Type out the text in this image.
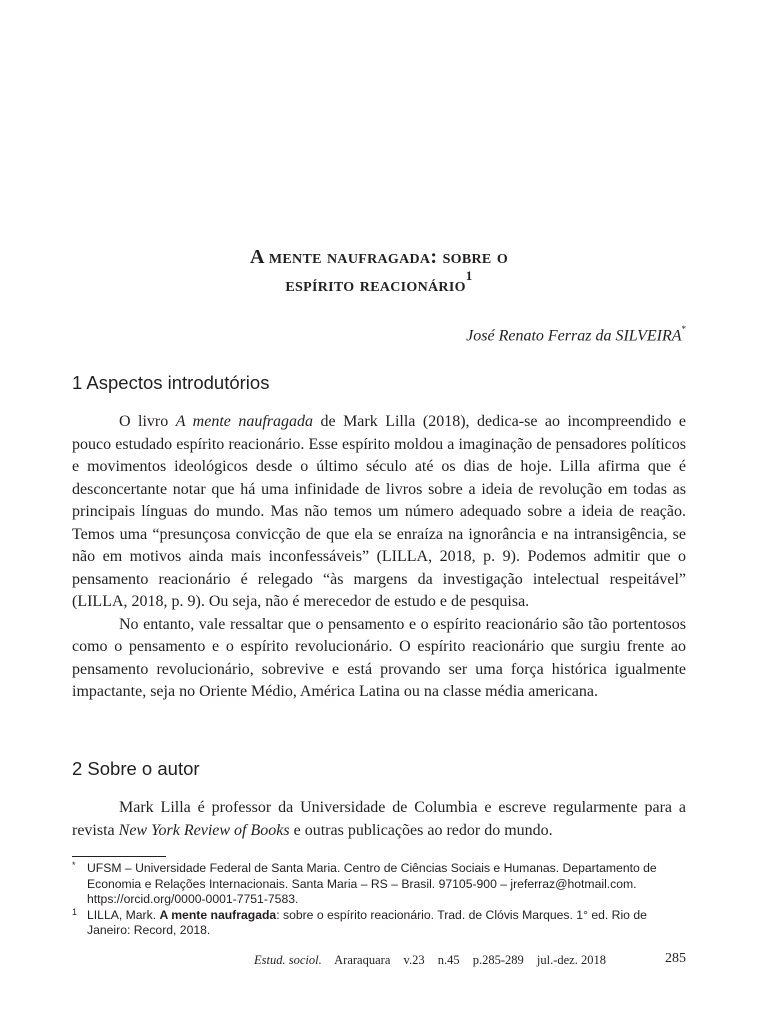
A mente naufragada: sobre o
espírito reacionário$^1$
José Renato Ferraz da SILVEIRA*
1 Aspectos introdutórios

O livro A mente naufragada de Mark Lilla (2018), dedica-se ao incompreendido e pouco estudado espírito reacionário. Esse espírito moldou a imaginação de pensadores políticos e movimentos ideológicos desde o último século até os dias de hoje. Lilla afirma que é desconcertante notar que há uma infinidade de livros sobre a ideia de revolução em todas as principais línguas do mundo. Mas não temos um número adequado sobre a ideia de reação. Temos uma “presunçosa convicção de que ela se enraíza na ignorância e na intransigência, se não em motivos ainda mais inconfessáveis” (LILLA, 2018, p. 9). Podemos admitir que o pensamento reacionário é relegado “às margens da investigação intelectual respeitável” (LILLA, 2018, p. 9). Ou seja, não é merecedor de estudo e de pesquisa.

No entanto, vale ressaltar que o pensamento e o espírito reacionário são tão portentosos como o pensamento e o espírito revolucionário. O espírito reacionário que surgiu frente ao pensamento revolucionário, sobrevive e está provando ser uma força histórica igualmente impactante, seja no Oriente Médio, América Latina ou na classe média americana.

2 Sobre o autor

Mark Lilla é professor da Universidade de Columbia e escreve regularmente para a revista New York Review of Books e outras publicações ao redor do mundo.

* UFSM – Universidade Federal de Santa Maria. Centro de Ciências Sociais e Humanas. Departamento de Economia e Relações Internacionais. Santa Maria – RS – Brasil. 97105-900 – jreferraz@hotmail.com. https://orcid.org/0000-0001-7751-7583.
1 LILLA, Mark. A mente naufragada: sobre o espírito reacionário. Trad. de Clóvis Marques. 1° ed. Rio de Janeiro: Record, 2018.
Estud. sociol. Araraquara v.23 n.45 p.285-289 jul.-dez. 2018	285
